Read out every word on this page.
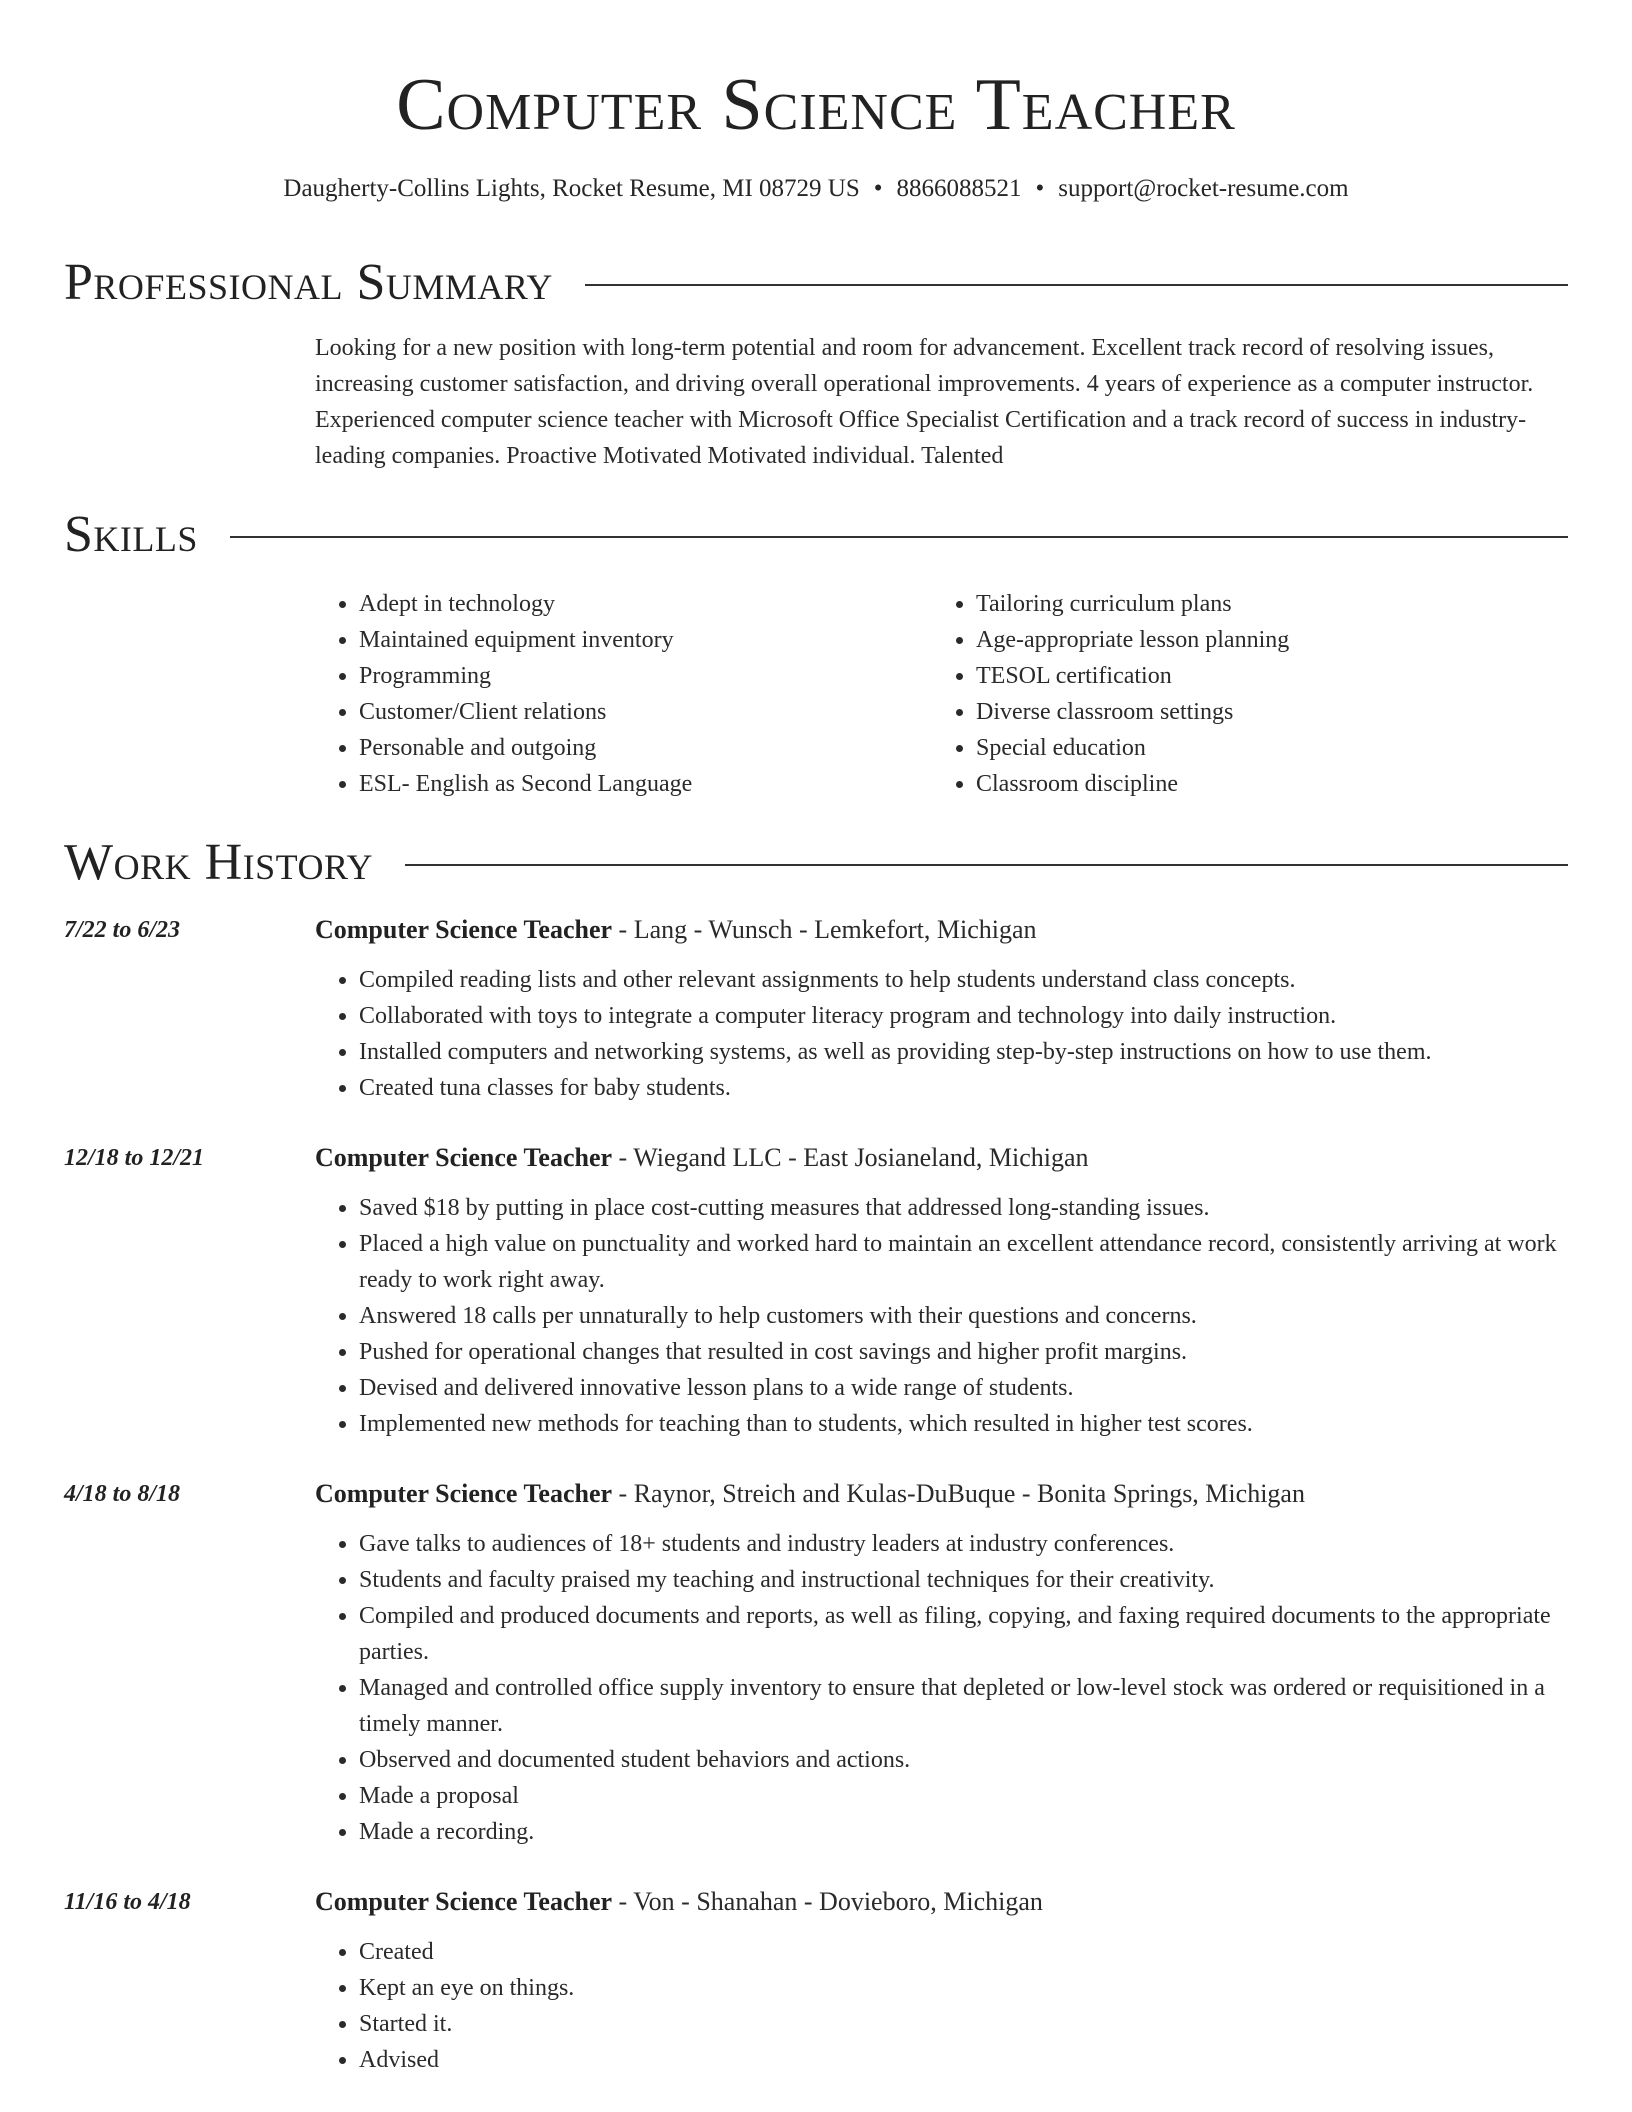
Computer Science Teacher
Daugherty-Collins Lights, Rocket Resume, MI 08729 US • 8866088521 • support@rocket-resume.com
Professional Summary
Looking for a new position with long-term potential and room for advancement. Excellent track record of resolving issues, increasing customer satisfaction, and driving overall operational improvements. 4 years of experience as a computer instructor. Experienced computer science teacher with Microsoft Office Specialist Certification and a track record of success in industry-leading companies. Proactive Motivated Motivated individual. Talented
Skills
• Adept in technology
• Maintained equipment inventory
• Programming
• Customer/Client relations
• Personable and outgoing
• ESL- English as Second Language
• Tailoring curriculum plans
• Age-appropriate lesson planning
• TESOL certification
• Diverse classroom settings
• Special education
• Classroom discipline
Work History
7/22 to 6/23	Computer Science Teacher - Lang - Wunsch - Lemkefort, Michigan
• Compiled reading lists and other relevant assignments to help students understand class concepts.
• Collaborated with toys to integrate a computer literacy program and technology into daily instruction.
• Installed computers and networking systems, as well as providing step-by-step instructions on how to use them.
• Created tuna classes for baby students.
12/18 to 12/21	Computer Science Teacher - Wiegand LLC - East Josianeland, Michigan
• Saved $18 by putting in place cost-cutting measures that addressed long-standing issues.
• Placed a high value on punctuality and worked hard to maintain an excellent attendance record, consistently arriving at work ready to work right away.
• Answered 18 calls per unnaturally to help customers with their questions and concerns.
• Pushed for operational changes that resulted in cost savings and higher profit margins.
• Devised and delivered innovative lesson plans to a wide range of students.
• Implemented new methods for teaching than to students, which resulted in higher test scores.
4/18 to 8/18	Computer Science Teacher - Raynor, Streich and Kulas-DuBuque - Bonita Springs, Michigan
• Gave talks to audiences of 18+ students and industry leaders at industry conferences.
• Students and faculty praised my teaching and instructional techniques for their creativity.
• Compiled and produced documents and reports, as well as filing, copying, and faxing required documents to the appropriate parties.
• Managed and controlled office supply inventory to ensure that depleted or low-level stock was ordered or requisitioned in a timely manner.
• Observed and documented student behaviors and actions.
• Made a proposal
• Made a recording.
11/16 to 4/18	Computer Science Teacher - Von - Shanahan - Dovieboro, Michigan
• Created
• Kept an eye on things.
• Started it.
• Advised
